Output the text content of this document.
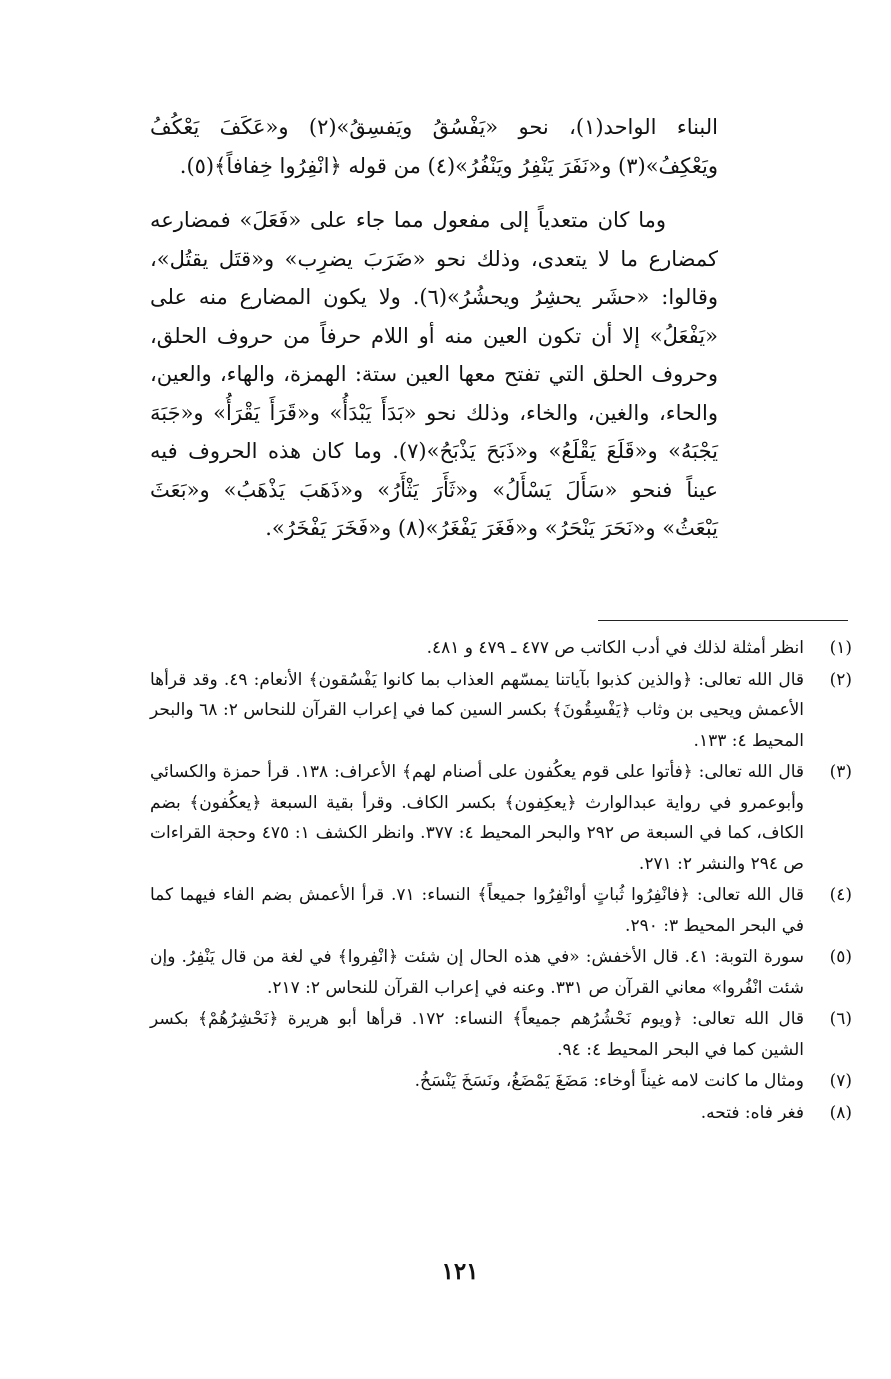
البناء الواحد(١)، نحو «يَفْسُقُ ويَفسِقُ»(٢) و«عَكَفَ يَعْكُفُ ويَعْكِفُ»(٣) و«نَفَرَ يَنْفِرُ ويَنْفُرُ»(٤) من قوله ﴿انْفِرُوا خِفافاً﴾(٥).

وما كان متعدياً إلى مفعول مما جاء على «فَعَلَ» فمضارعه كمضارع ما لا يتعدى، وذلك نحو «ضَرَبَ يضرِب» و«قتَل يقتُل»، وقالوا: «حشَر يحشِرُ ويحشُرُ»(٦). ولا يكون المضارع منه على «يَفْعَلُ» إلا أن تكون العين منه أو اللام حرفاً من حروف الحلق، وحروف الحلق التي تفتح معها العين ستة: الهمزة، والهاء، والعين، والحاء، والغين، والخاء، وذلك نحو «بَدَأَ يَبْدَأُ» و«قَرَأَ يَقْرَأُ» و«جَبَهَ يَجْبَهُ» و«قَلَعَ يَقْلَعُ» و«ذَبَحَ يَذْبَحُ»(٧). وما كان هذه الحروف فيه عيناً فنحو «سَأَلَ يَسْأَلُ» و«ثَأَرَ يَثْأَرُ» و«ذَهَبَ يَذْهَبُ» و«بَعَثَ يَبْعَثُ» و«نَحَرَ يَنْحَرُ» و«فَغَرَ يَفْغَرُ»(٨) و«فَخَرَ يَفْخَرُ».

(١)
انظر أمثلة لذلك في أدب الكاتب ص ٤٧٧ ـ ٤٧٩ و ٤٨١.
(٢)
قال الله تعالى: ﴿والذين كذبوا بآياتنا يمسّهم العذاب بما كانوا يَفْسُقون﴾ الأنعام: ٤٩. وقد قرأها الأعمش ويحيى بن وثاب ﴿يَفْسِقُونَ﴾ بكسر السين كما في إعراب القرآن للنحاس ٢: ٦٨ والبحر المحيط ٤: ١٣٣.
(٣)
قال الله تعالى: ﴿فأتوا على قوم يعكُفون على أصنام لهم﴾ الأعراف: ١٣٨. قرأ حمزة والكسائي وأبوعمرو في رواية عبدالوارث ﴿يعكِفون﴾ بكسر الكاف. وقرأ بقية السبعة ﴿يعكُفون﴾ بضم الكاف، كما في السبعة ص ٢٩٢ والبحر المحيط ٤: ٣٧٧. وانظر الكشف ١: ٤٧٥ وحجة القراءات ص ٢٩٤ والنشر ٢: ٢٧١.
(٤)
قال الله تعالى: ﴿فانْفِرُوا ثُباتٍ أوانْفِرُوا جميعاً﴾ النساء: ٧١. قرأ الأعمش بضم الفاء فيهما كما في البحر المحيط ٣: ٢٩٠.
(٥)
سورة التوبة: ٤١. قال الأخفش: «في هذه الحال إن شئت ﴿انْفِروا﴾ في لغة من قال يَنْفِرُ. وإن شئت انْفُروا» معاني القرآن ص ٣٣١. وعنه في إعراب القرآن للنحاس ٢: ٢١٧.
(٦)
قال الله تعالى: ﴿ويوم نَحْشُرُهم جميعاً﴾ النساء: ١٧٢. قرأها أبو هريرة ﴿نَحْشِرُهُمْ﴾ بكسر الشين كما في البحر المحيط ٤: ٩٤.
(٧)
ومثال ما كانت لامه غيناً أوخاء: مَضَغَ يَمْضَغُ، ونَسَخَ يَنْسَخُ.
(٨)
فغر فاه: فتحه.
١٢١
